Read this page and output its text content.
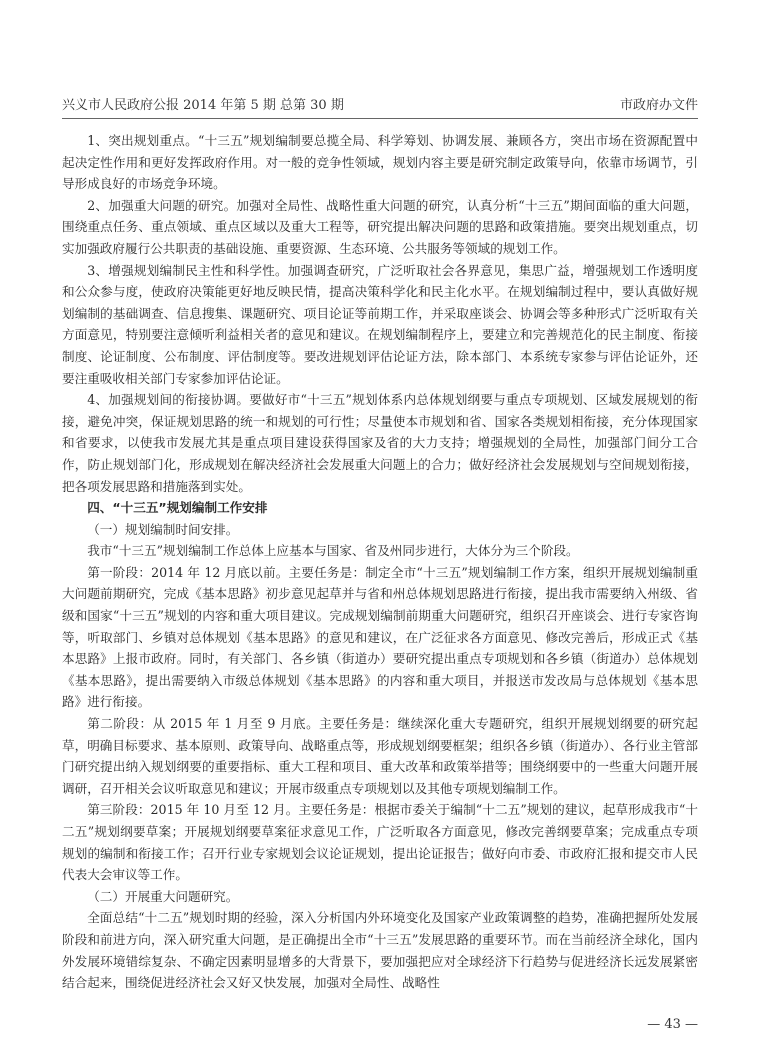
兴义市人民政府公报 2014 年第 5 期 总第 30 期	市政府办文件

1、突出规划重点。“十三五”规划编制要总揽全局、科学筹划、协调发展、兼顾各方，突出市场在资源配置中起决定性作用和更好发挥政府作用。对一般的竞争性领域，规划内容主要是研究制定政策导向，依靠市场调节，引导形成良好的市场竞争环境。

2、加强重大问题的研究。加强对全局性、战略性重大问题的研究，认真分析“十三五”期间面临的重大问题，围绕重点任务、重点领域、重点区域以及重大工程等，研究提出解决问题的思路和政策措施。要突出规划重点，切实加强政府履行公共职责的基础设施、重要资源、生态环境、公共服务等领域的规划工作。

3、增强规划编制民主性和科学性。加强调查研究，广泛听取社会各界意见，集思广益，增强规划工作透明度和公众参与度，使政府决策能更好地反映民情，提高决策科学化和民主化水平。在规划编制过程中，要认真做好规划编制的基础调查、信息搜集、课题研究、项目论证等前期工作，并采取座谈会、协调会等多种形式广泛听取有关方面意见，特别要注意倾听利益相关者的意见和建议。在规划编制程序上，要建立和完善规范化的民主制度、衔接制度、论证制度、公布制度、评估制度等。要改进规划评估论证方法，除本部门、本系统专家参与评估论证外，还要注重吸收相关部门专家参加评估论证。

4、加强规划间的衔接协调。要做好市“十三五”规划体系内总体规划纲要与重点专项规划、区域发展规划的衔接，避免冲突，保证规划思路的统一和规划的可行性；尽量使本市规划和省、国家各类规划相衔接，充分体现国家和省要求，以使我市发展尤其是重点项目建设获得国家及省的大力支持；增强规划的全局性，加强部门间分工合作，防止规划部门化，形成规划在解决经济社会发展重大问题上的合力；做好经济社会发展规划与空间规划衔接，把各项发展思路和措施落到实处。

四、“十三五”规划编制工作安排

（一）规划编制时间安排。

我市“十三五”规划编制工作总体上应基本与国家、省及州同步进行，大体分为三个阶段。

第一阶段：2014 年 12 月底以前。主要任务是：制定全市“十三五”规划编制工作方案，组织开展规划编制重大问题前期研究，完成《基本思路》初步意见起草并与省和州总体规划思路进行衔接，提出我市需要纳入州级、省级和国家“十三五”规划的内容和重大项目建议。完成规划编制前期重大问题研究，组织召开座谈会、进行专家咨询等，听取部门、乡镇对总体规划《基本思路》的意见和建议，在广泛征求各方面意见、修改完善后，形成正式《基本思路》上报市政府。同时，有关部门、各乡镇（街道办）要研究提出重点专项规划和各乡镇（街道办）总体规划《基本思路》，提出需要纳入市级总体规划《基本思路》的内容和重大项目，并报送市发改局与总体规划《基本思路》进行衔接。

第二阶段：从 2015 年 1 月至 9 月底。主要任务是：继续深化重大专题研究，组织开展规划纲要的研究起草，明确目标要求、基本原则、政策导向、战略重点等，形成规划纲要框架；组织各乡镇（街道办）、各行业主管部门研究提出纳入规划纲要的重要指标、重大工程和项目、重大改革和政策举措等；围绕纲要中的一些重大问题开展调研，召开相关会议听取意见和建议；开展市级重点专项规划以及其他专项规划编制工作。

第三阶段：2015 年 10 月至 12 月。主要任务是：根据市委关于编制“十二五”规划的建议，起草形成我市“十二五”规划纲要草案；开展规划纲要草案征求意见工作，广泛听取各方面意见，修改完善纲要草案；完成重点专项规划的编制和衔接工作；召开行业专家规划会议论证规划，提出论证报告；做好向市委、市政府汇报和提交市人民代表大会审议等工作。

（二）开展重大问题研究。

全面总结“十二五”规划时期的经验，深入分析国内外环境变化及国家产业政策调整的趋势，准确把握所处发展阶段和前进方向，深入研究重大问题，是正确提出全市“十三五”发展思路的重要环节。而在当前经济全球化，国内外发展环境错综复杂、不确定因素明显增多的大背景下，要加强把应对全球经济下行趋势与促进经济长远发展紧密结合起来，围绕促进经济社会又好又快发展，加强对全局性、战略性

— 43 —
